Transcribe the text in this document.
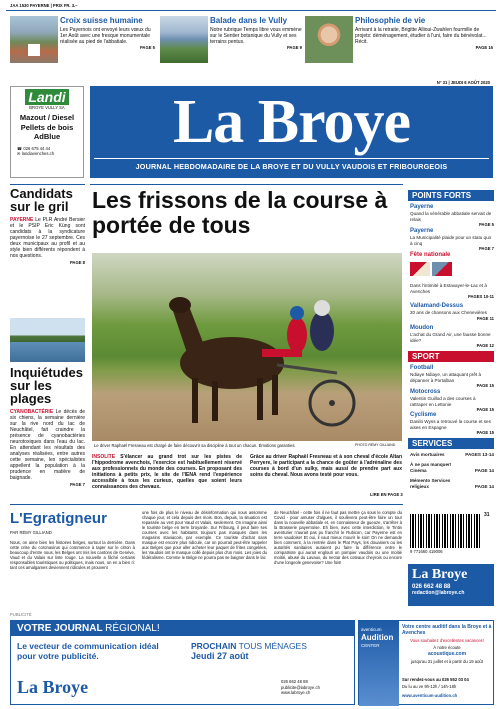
Croix suisse humaine
Les Payernois ont envoyé leurs vœux du 1er Août avec une fresque monumentale réalisée au pied de l'abbatiale.
PAGE 5
Balade dans le Vully
Notre rubrique Temps libre vous emmène sur le Sentier botanique du Vully et ses terrains pentus.
PAGE 9
Philosophie de vie
Arrivant à la retraite, Brigitte Allioui-Zwahlen fourmille de projets: déménagement, étudier à l'uni, faire du bénévolat... Récit.
PAGE 16
JAA 1530 PAYERNE | PRIX FR. 3.–
Landi
BROYE VULLY SA
Mazout / Diesel
Pellets de bois
AdBlue
☎ 026 675 44 44
✉ landiavenches.ch
N° 31 | JEUDI 6 AOÛT 2020
La Broye
JOURNAL HEBDOMADAIRE DE LA BROYE ET DU VULLY VAUDOIS ET FRIBOURGEOIS
Candidats sur le gril
PAYERNE Le PLR André Bersier et le PSIP Eric Küng sont candidats à la syndicature payernoise le 27 septembre. Ces deux municipaux au profil et au style bien différents répondent à nos questions.
PAGE 8
Inquiétudes sur les plages
CYANOBACTÉRIE Le décès de six chiens, la semaine dernière sur la rive nord du lac de Neuchâtel, fait craindre la présence de cyanobactéries neurotoxiques dans l'eau du lac. En attendant les résultats des analyses réalisées, entre autres cette semaine, les spécialistes appellent la population à la prudence en matière de baignade.
PAGE 7
Les frissons de la course à portée de tous
Le driver Raphaël Fresneau est chargé de faire découvrir sa discipline à tout un chacun. Émotions garanties.	PHOTO RÉMY GILLIAND
INSOLITE S'élancer au grand trot sur les pistes de l'hippodrome avenchois, l'exercice est habituellement réservé aux professionnels du monde des courses. En proposant des initiations à petits prix, le site de l'IENA rend l'expérience accessible à tous les curieux, quelles que soient leurs connaissances des chevaux.
Grâce au driver Raphaël Fresneau et à son cheval d'école Altan Perryere, le participant a la chance de goûter à l'adrénaline des courses à bord d'un sulky, mais aussi de prendre part aux soins du cheval. Nous avons testé pour vous.
LIRE EN PAGE 3
POINTS FORTS
Payerne
Quand la vénérable abbatiale servait de relais
PAGE 5
Payerne
La Municipalité plaide pour un statu quo à cinq
PAGE 7
Fête nationale
Dans l'intimité à Estavayer-le-Lac et à Avenches
PAGES 10-11
Vallamand-Dessus
20 ans de chansons aux Chenevières
PAGE 11
Moudon
L'achat du Grand Air, une fausse bonne idée?
PAGE 12
SPORT
Football
Ndiaye Ndiaye, un attaquant prêt à dépanner à Portalban
PAGE 15
Motocross
Valentin Guillod a des courses à rattraper en Lettonie
PAGE 15
Cyclisme
Danilo Wyss a retrouvé la course et ses aises en Espagne
PAGE 15
SERVICES
Avis mortuaires	PAGES 13-14
À ne pas manquer! Cinéma	PAGE 14
Mémento Services religieux	PAGE 14
L'Egratigneur
PAR RÉMY GILLIAND
Nous, on aime bien les histoires belges, surtout la dernière. Dans cette crise du coronavirus qui commence à taper sur le citron à beaucoup d'entre nous, les Belges ont mis les cantons de Genève, Vaud et du Valais sur liste rouge. La nouvelle a fâché certains responsables touristiques ou politiques, mais nous, on en a bien ri: tant ces amalgames deviennent ridicules et prouvent
une fois de plus le niveau de désinformation qui nous assomme chaque jour, et cela depuis des mois. Bon, depuis, la situation est repassée au vert pour Vaud et Valais, seulement. On imagine ainsi le touriste belge en terre broyarde. Sur Fribourg, il peut faire ses courses avec les habitants toujours pas masqués dans les magasins staviacois, par exemple. Ce touriste d'achat sans masque est encore plus ridicule, car on pourrait peut-être rappeler aux Belges que pour aller acheter leur paquet de frites congelées, les Vaudois ont le masque collé depuis plus d'un mois. Les joies du fédéralisme. Comme le Belge ne pourra pas se baigner dans le lac
de Neuchâtel - cette fois il ne faut pas mettre ça sous le compte du Covid - pour amuser d'algues, il soulèvera peut-être faire un tour dans la nouvelle abbatiale et, en connaisseur de gueuze, s'arrêter à la Brasserie payernoise. Eh bien, avec cette interdiction, le Tintin aventurier n'aurait pas pu franchir le Rubicon, car Payerne est en terre vaudoise! Et oui, il vaut mieux mourir le soir! On ne demande bien comment, à la rentrée dans le Plat Pays, les douaniers ou les autorités sanitaires auraient pu faire la différence entre le compatriote qui aurait englouti un pompier vaudois ou une moitié moitié, abusé du Lavaux, du nectar des coteaux cheyrois ou encore d'une longeole genevoise? Une fois!
31
9 771660 419006
La Broye
026 662 48 88
redaction@labroye.ch
PUBLICITÉ
VOTRE JOURNAL RÉGIONAL!
Le vecteur de communication idéal pour votre publicité.
La Broye
PROCHAIN TOUS MÉNAGES
Jeudi 27 août
026 662 48 88
publicite@labroye.ch
www.labroye.ch
aventicum
Audition
CENTER
Votre centre auditif dans la Broye et à Avenches
Vous souhaitez d'excellentes vacances!
À notre écoute
acoustique.com
jusqu'au 31 juillet et à partir du 19 août
Sur rendez-vous au 026 552 03 04
Du lu au ve 9h-12h / 14h-18h
www.aventicum-audition.ch
